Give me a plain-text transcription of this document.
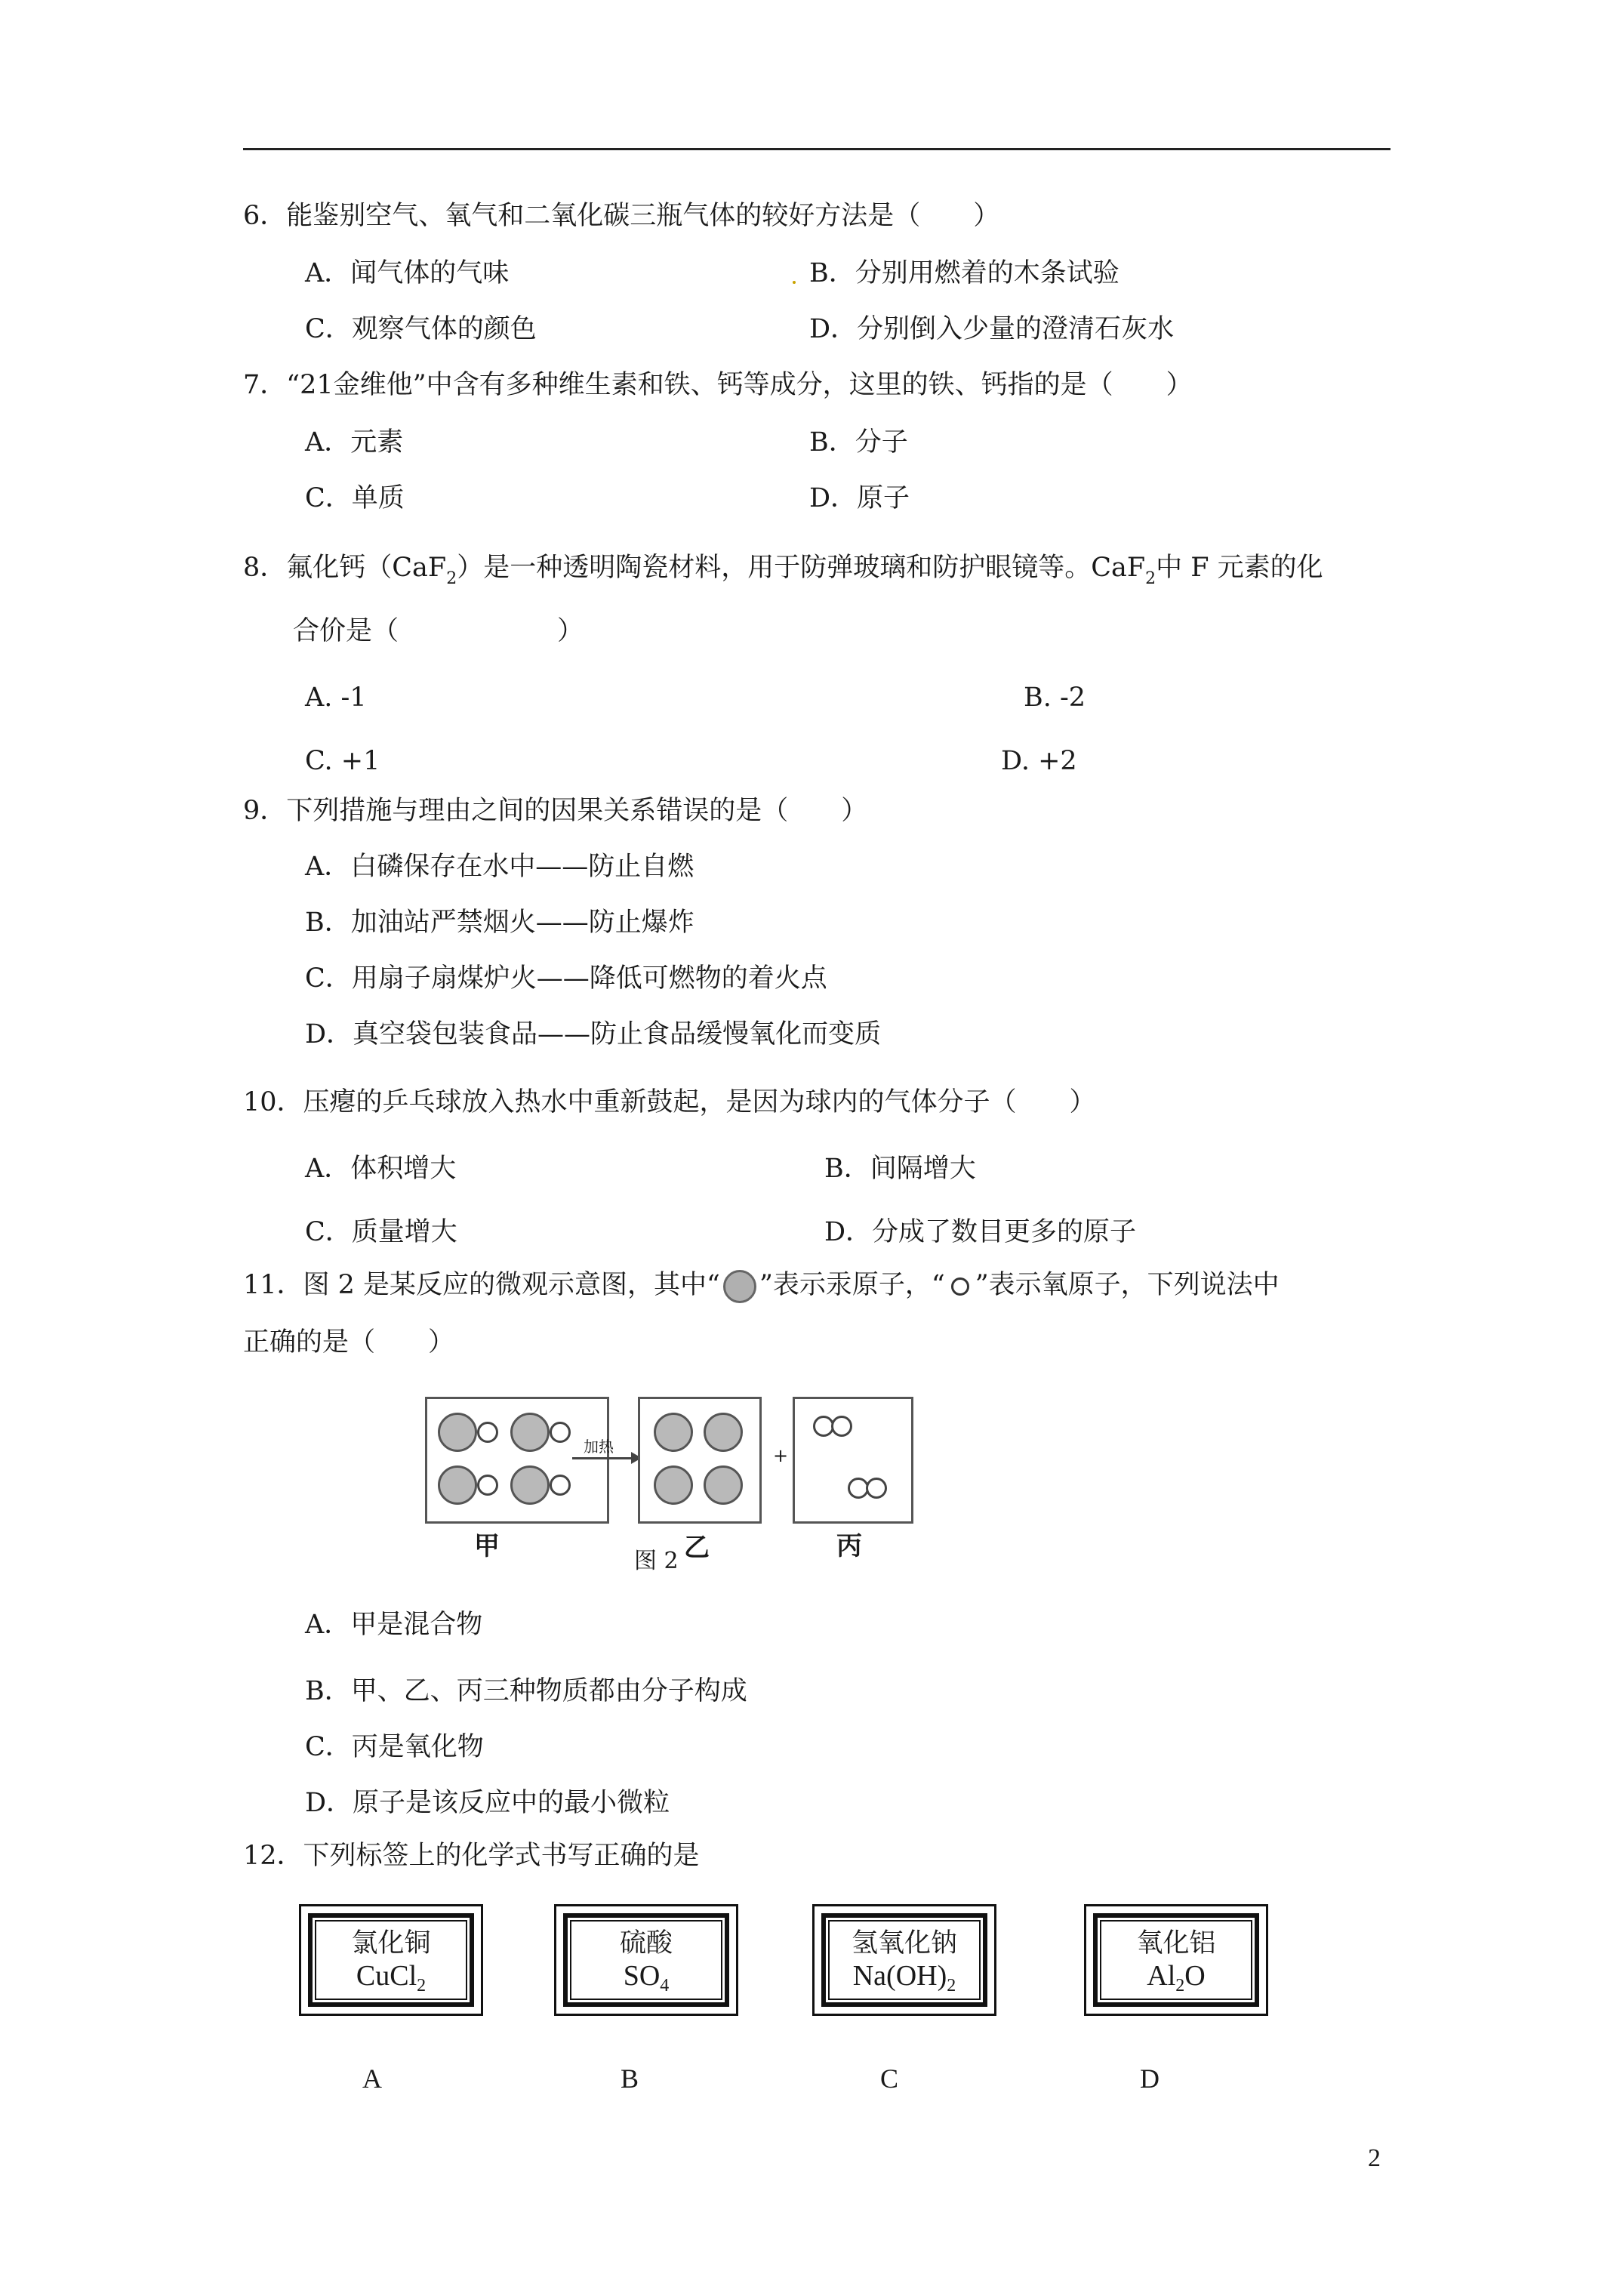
6．能鉴别空气、氧气和二氧化碳三瓶气体的较好方法是（　　）
A．闻气体的气味	B．分别用燃着的木条试验
C．观察气体的颜色	D．分别倒入少量的澄清石灰水
7．“21金维他”中含有多种维生素和铁、钙等成分，这里的铁、钙指的是（　　）
A．元素	B．分子
C．单质	D．原子
8．氟化钙（CaF$_2$）是一种透明陶瓷材料，用于防弹玻璃和防护眼镜等。CaF$_2$中 F 元素的化
合价是（　　　　　　）
A. -1	B. -2
C. +1	D. +2
9．下列措施与理由之间的因果关系错误的是（　　）
A．白磷保存在水中——防止自燃
B．加油站严禁烟火——防止爆炸
C．用扇子扇煤炉火——降低可燃物的着火点
D．真空袋包装食品——防止食品缓慢氧化而变质
10．压瘪的乒乓球放入热水中重新鼓起，是因为球内的气体分子（　　）
A．体积增大	B．间隔增大
C．质量增大	D．分成了数目更多的原子
11．图 2 是某反应的微观示意图，其中“ ”表示汞原子，“ ”表示氧原子，下列说法中
正确的是（　　）
甲
加热
乙
+
丙
图 2
A．甲是混合物
B．甲、乙、丙三种物质都由分子构成
C．丙是氧化物
D．原子是该反应中的最小微粒
12．下列标签上的化学式书写正确的是
氯化铜
CuCl$_2$
硫酸
$SO_4$
氢氧化钠
$Na(OH)_2$
氧化铝
$Al_2O$
A	B	C	D
2
